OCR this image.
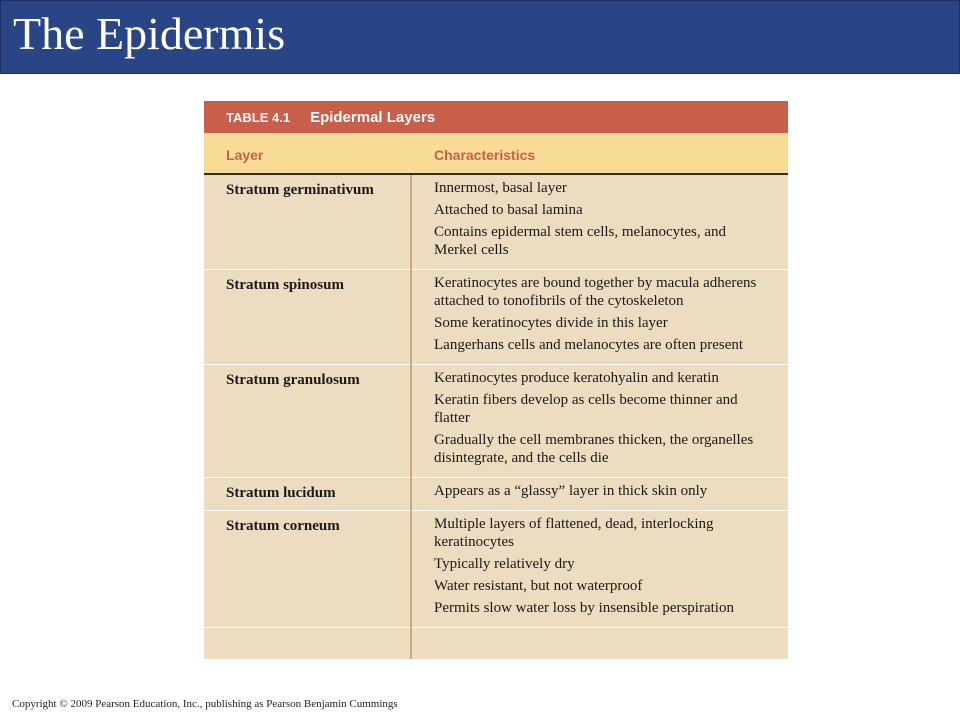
The Epidermis
TABLE 4.1 Epidermal Layers
Layer	Characteristics
Stratum germinativum	Innermost, basal layer

Attached to basal lamina

Contains epidermal stem cells, melanocytes, and Merkel cells

Stratum spinosum	Keratinocytes are bound together by macula adherens attached to tonofibrils of the cytoskeleton

Some keratinocytes divide in this layer

Langerhans cells and melanocytes are often present

Stratum granulosum	Keratinocytes produce keratohyalin and keratin

Keratin fibers develop as cells become thinner and flatter

Gradually the cell membranes thicken, the organelles disintegrate, and the cells die

Stratum lucidum	Appears as a “glassy” layer in thick skin only

Stratum corneum	Multiple layers of flattened, dead, interlocking keratinocytes

Typically relatively dry

Water resistant, but not waterproof

Permits slow water loss by insensible perspiration

Copyright © 2009 Pearson Education, Inc., publishing as Pearson Benjamin Cummings
